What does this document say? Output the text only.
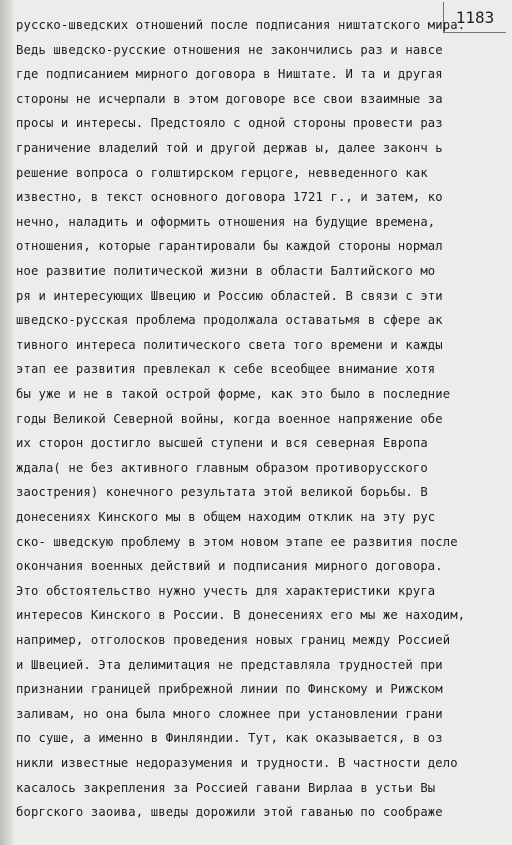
1183
русско-шведских отношений после подписания ништатского мира.
Ведь шведско-русские отношения не закончились раз и навсе
где подписанием мирного договора в Ништате. И та и другая
стороны не исчерпали в этом договоре все свои взаимные за
просы и интересы. Предстояло с одной стороны провести раз
граничение владелий той и другой держав ы, далее законч ь
решение вопроса о голштирском герцоге, невведенного как
известно, в текст основного договора 1721 г., и затем, ко
нечно, наладить и оформить отношения на будущие времена,
отношения, которые гарантировали бы каждой стороны нормал
ное развитие политической жизни в области Балтийского мо
ря и интересующих Швецию и Россию областей. В связи с эти
шведско-русская проблема продолжала оставатьмя в сфере ак
тивного интереса политического света того времени и кажды
этап ее развития превлекал к себе всеобщее внимание хотя
бы уже и не в такой острой форме, как это было в последние
годы Великой Северной войны, когда военное напряжение обе
их сторон достигло высшей ступени и вся северная Европа
ждала( не без активного главным образом противорусского
заострения) конечного результата этой великой борьбы. В
донесениях Кинского мы в общем находим отклик на эту рус
ско- шведскую проблему в этом новом этапе ее развития после
окончания военных действий и подписания мирного договора.
Это обстоятельство нужно учесть для характеристики круга
интересов Кинского в России. В донесениях его мы же находим,
например, отголосков проведения новых границ между Россией
и Швецией. Эта делимитация не представляла трудностей при
признании границей прибрежной линии по Финскому и Рижском
заливам, но она была много сложнее при установлении грани
по суше, а именно в Финляндии. Тут, как оказывается, в оз
никли известные недоразумения и трудности. В частности дело
касалось закрепления за Россией гавани Вирлаа в устьи Вы
боргского заоива, шведы дорожили этой гаванью по соображе
